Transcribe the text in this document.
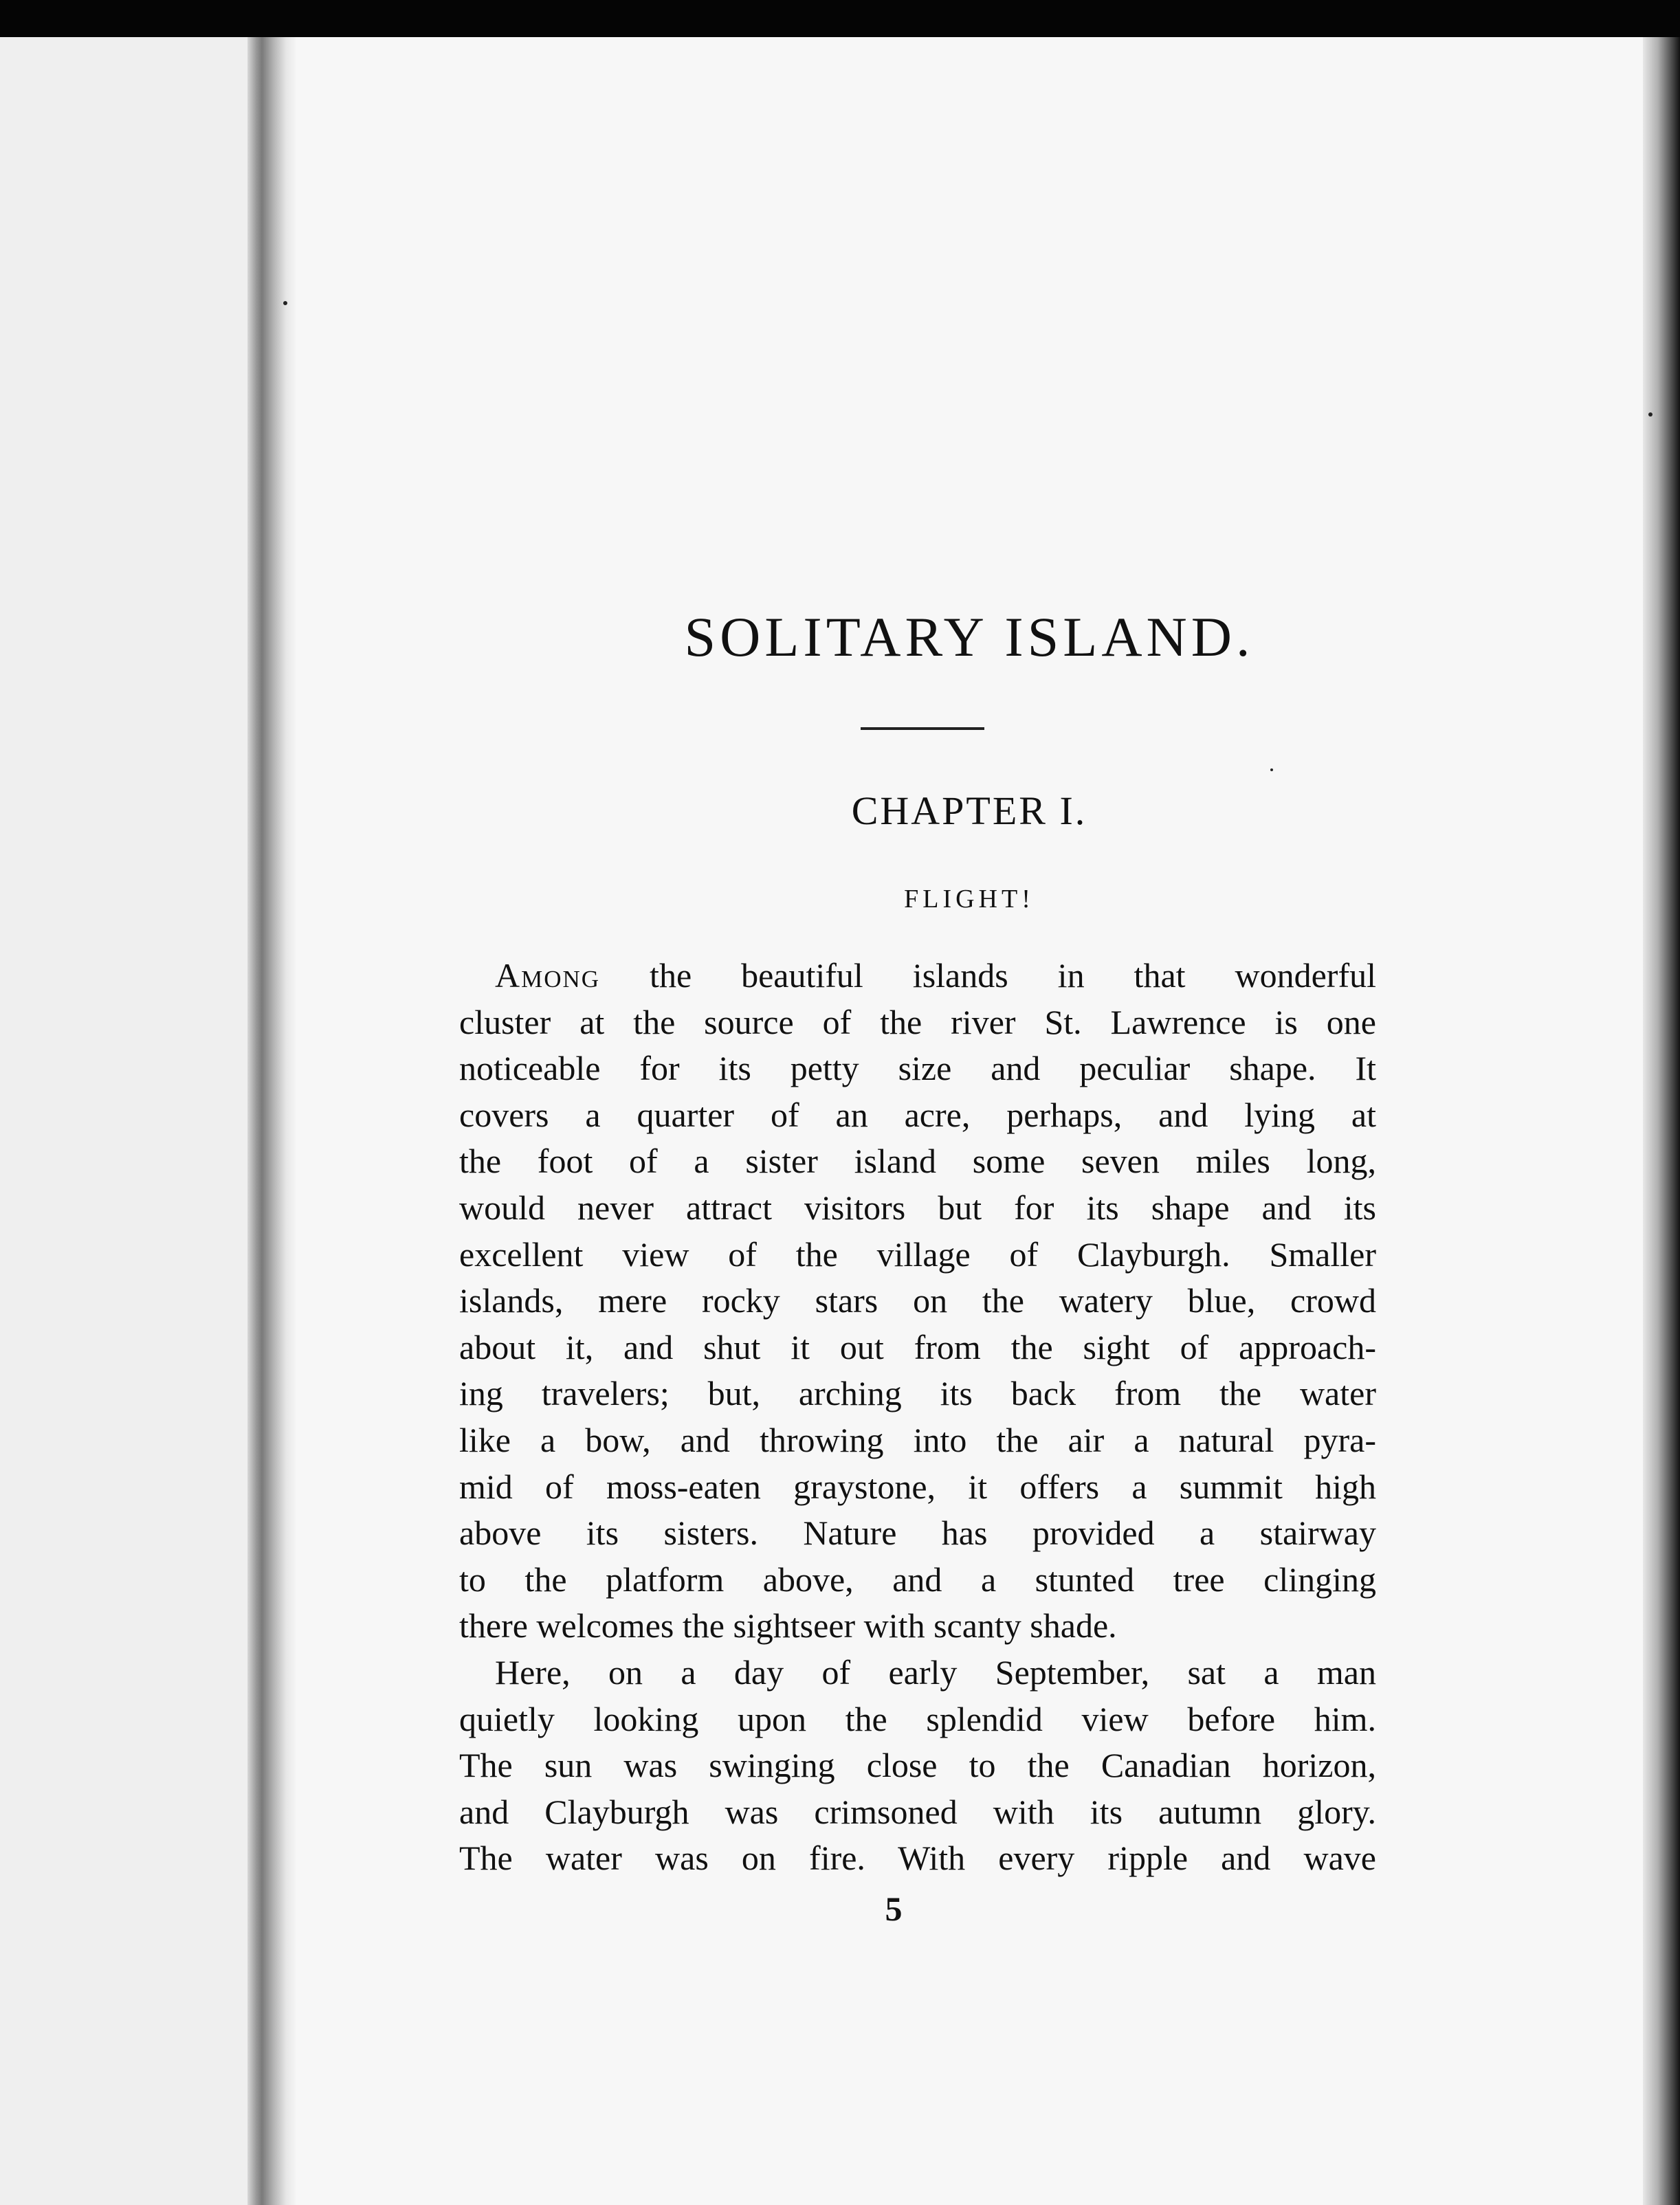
SOLITARY ISLAND.
CHAPTER I.
FLIGHT!
Among the beautiful islands in that wonderful
cluster at the source of the river St. Lawrence is one
noticeable for its petty size and peculiar shape. It
covers a quarter of an acre, perhaps, and lying at
the foot of a sister island some seven miles long,
would never attract visitors but for its shape and its
excellent view of the village of Clayburgh. Smaller
islands, mere rocky stars on the watery blue, crowd
about it, and shut it out from the sight of approach-
ing travelers; but, arching its back from the water
like a bow, and throwing into the air a natural pyra-
mid of moss-eaten graystone, it offers a summit high
above its sisters. Nature has provided a stairway
to the platform above, and a stunted tree clinging
there welcomes the sightseer with scanty shade.
Here, on a day of early September, sat a man
quietly looking upon the splendid view before him.
The sun was swinging close to the Canadian horizon,
and Clayburgh was crimsoned with its autumn glory.
The water was on fire. With every ripple and wave
5
